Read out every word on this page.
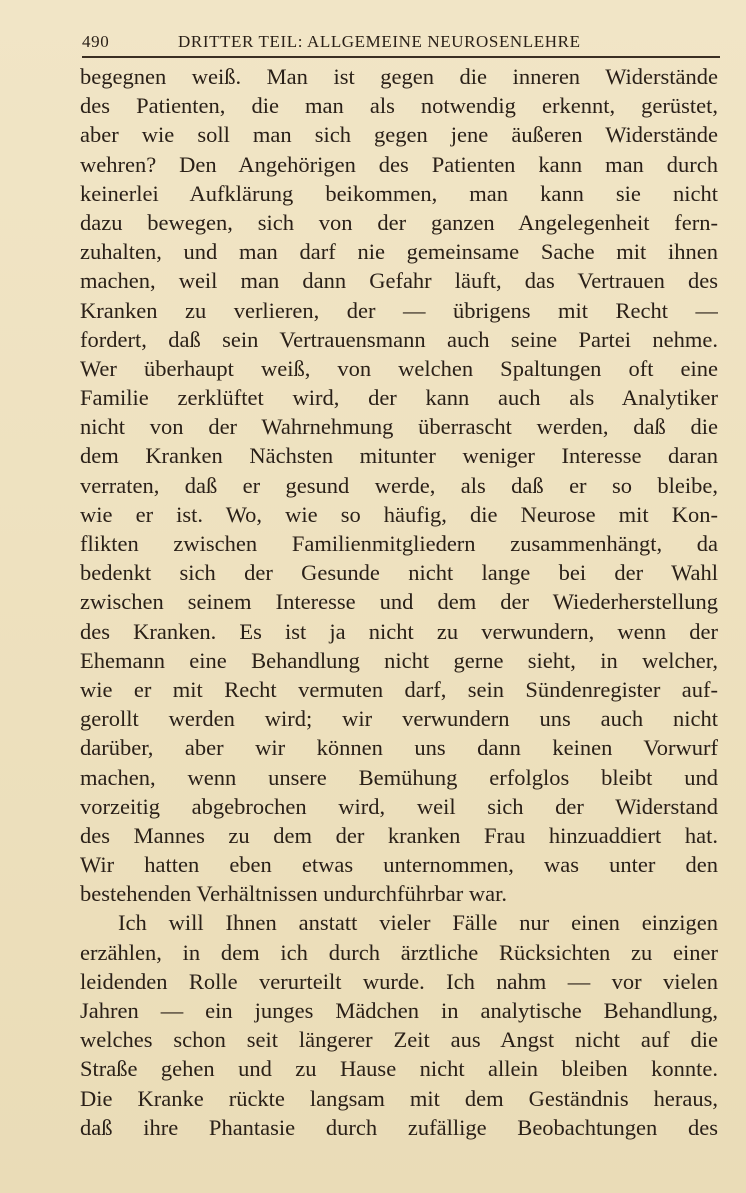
490	DRITTER TEIL: ALLGEMEINE NEUROSENLEHRE
begegnen weiß. Man ist gegen die inneren Widerstände
des Patienten, die man als notwendig erkennt, gerüstet,
aber wie soll man sich gegen jene äußeren Widerstände
wehren? Den Angehörigen des Patienten kann man durch
keinerlei Aufklärung beikommen, man kann sie nicht
dazu bewegen, sich von der ganzen Angelegenheit fern-
zuhalten, und man darf nie gemeinsame Sache mit ihnen
machen, weil man dann Gefahr läuft, das Vertrauen des
Kranken zu verlieren, der — übrigens mit Recht —
fordert, daß sein Vertrauensmann auch seine Partei nehme.
Wer überhaupt weiß, von welchen Spaltungen oft eine
Familie zerklüftet wird, der kann auch als Analytiker
nicht von der Wahrnehmung überrascht werden, daß die
dem Kranken Nächsten mitunter weniger Interesse daran
verraten, daß er gesund werde, als daß er so bleibe,
wie er ist. Wo, wie so häufig, die Neurose mit Kon-
flikten zwischen Familienmitgliedern zusammenhängt, da
bedenkt sich der Gesunde nicht lange bei der Wahl
zwischen seinem Interesse und dem der Wiederherstellung
des Kranken. Es ist ja nicht zu verwundern, wenn der
Ehemann eine Behandlung nicht gerne sieht, in welcher,
wie er mit Recht vermuten darf, sein Sündenregister auf-
gerollt werden wird; wir verwundern uns auch nicht
darüber, aber wir können uns dann keinen Vorwurf
machen, wenn unsere Bemühung erfolglos bleibt und
vorzeitig abgebrochen wird, weil sich der Widerstand
des Mannes zu dem der kranken Frau hinzuaddiert hat.
Wir hatten eben etwas unternommen, was unter den
bestehenden Verhältnissen undurchführbar war.
Ich will Ihnen anstatt vieler Fälle nur einen einzigen
erzählen, in dem ich durch ärztliche Rücksichten zu einer
leidenden Rolle verurteilt wurde. Ich nahm — vor vielen
Jahren — ein junges Mädchen in analytische Behandlung,
welches schon seit längerer Zeit aus Angst nicht auf die
Straße gehen und zu Hause nicht allein bleiben konnte.
Die Kranke rückte langsam mit dem Geständnis heraus,
daß ihre Phantasie durch zufällige Beobachtungen des
